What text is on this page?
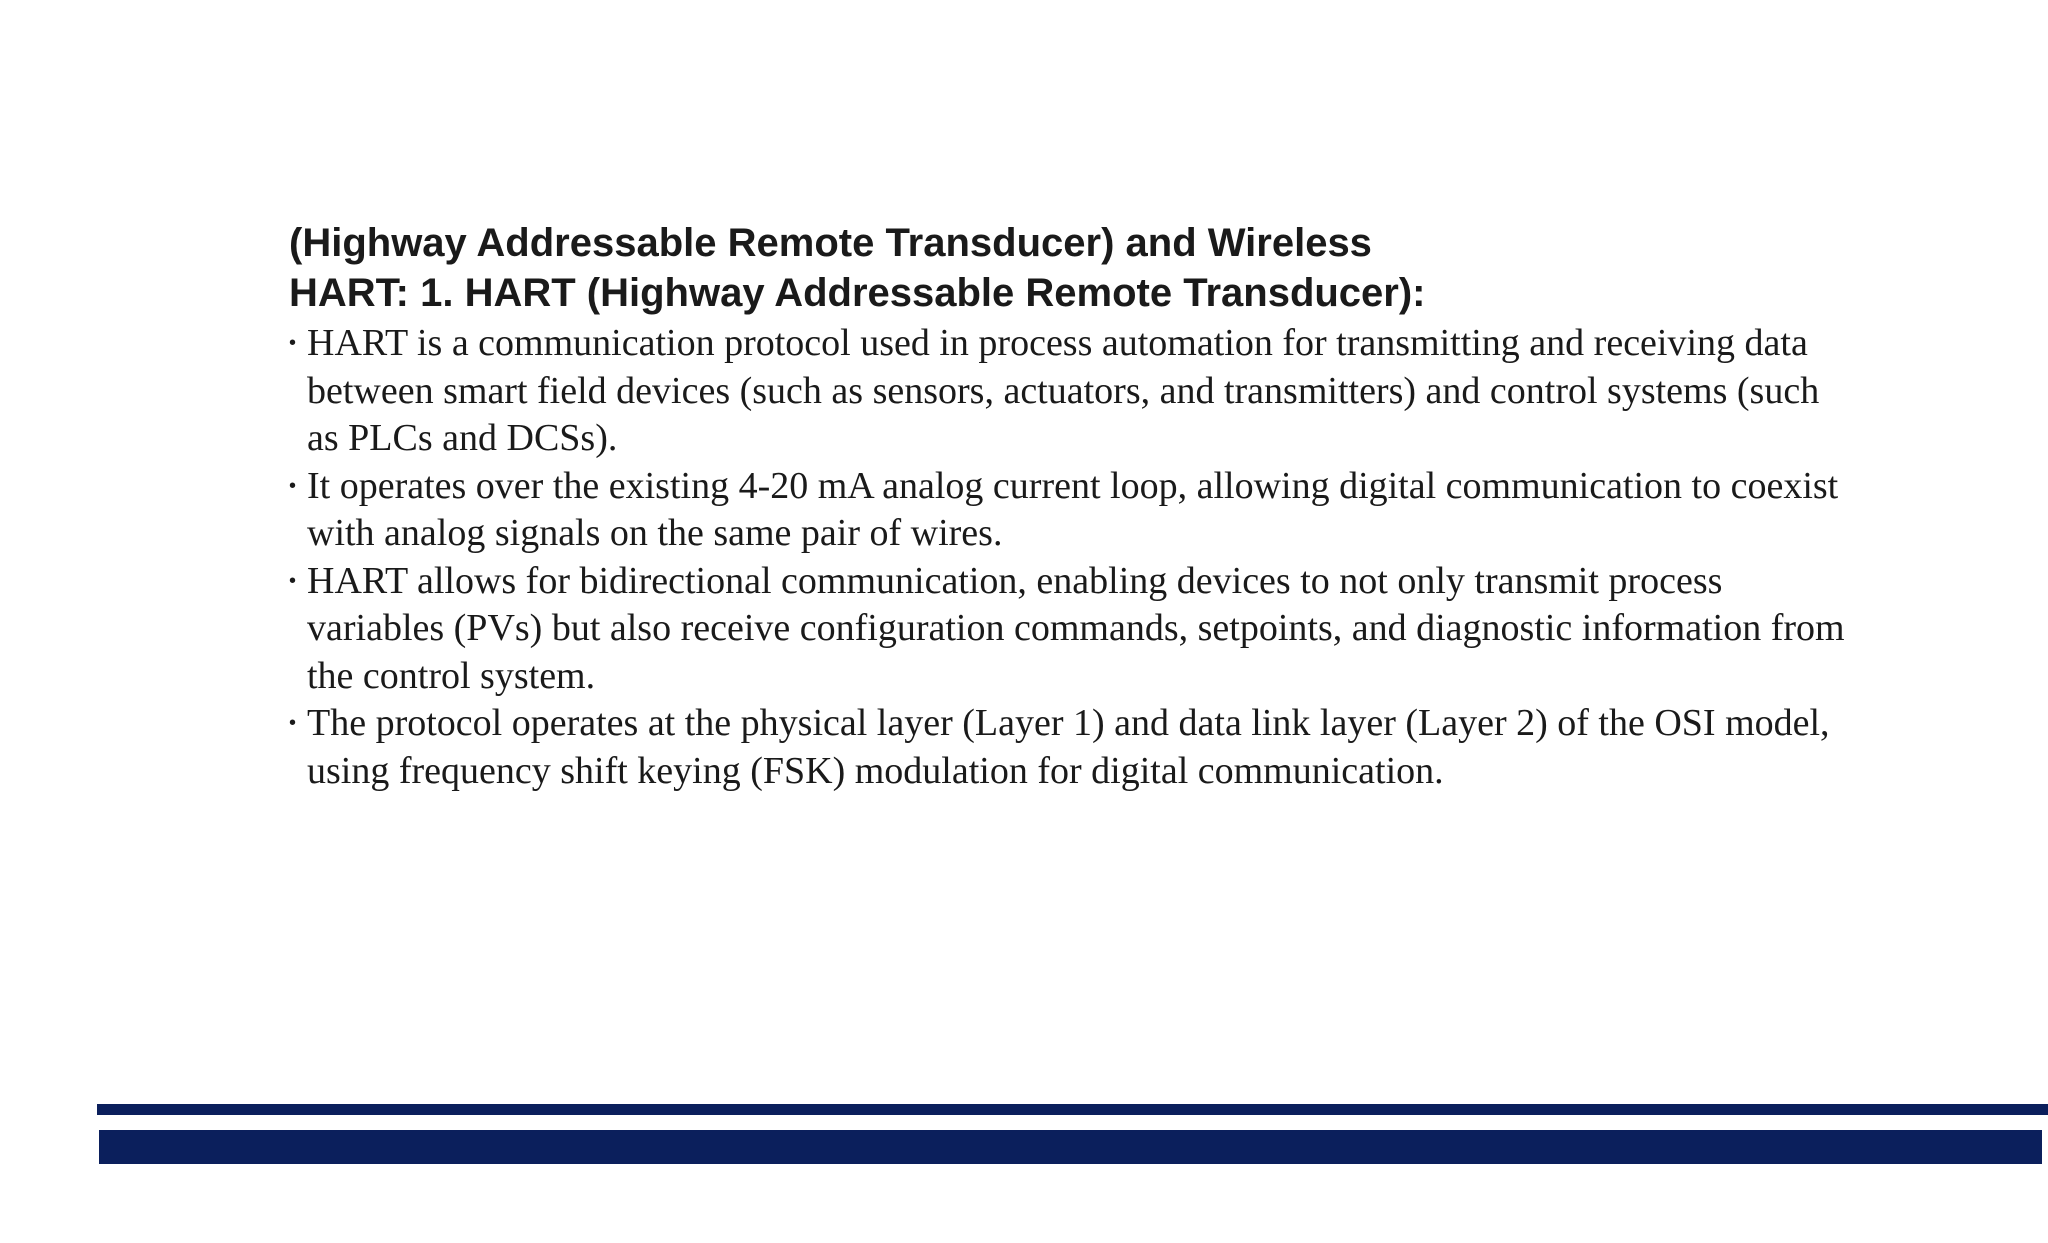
(Highway Addressable Remote Transducer) and Wireless
HART: 1. HART (Highway Addressable Remote Transducer):
• HART is a communication protocol used in process automation for transmitting and receiving data between smart field devices (such as sensors, actuators, and transmitters) and control systems (such as PLCs and DCSs).
• It operates over the existing 4-20 mA analog current loop, allowing digital communication to coexist with analog signals on the same pair of wires.
• HART allows for bidirectional communication, enabling devices to not only transmit process variables (PVs) but also receive configuration commands, setpoints, and diagnostic information from the control system.
• The protocol operates at the physical layer (Layer 1) and data link layer (Layer 2) of the OSI model, using frequency shift keying (FSK) modulation for digital communication.
